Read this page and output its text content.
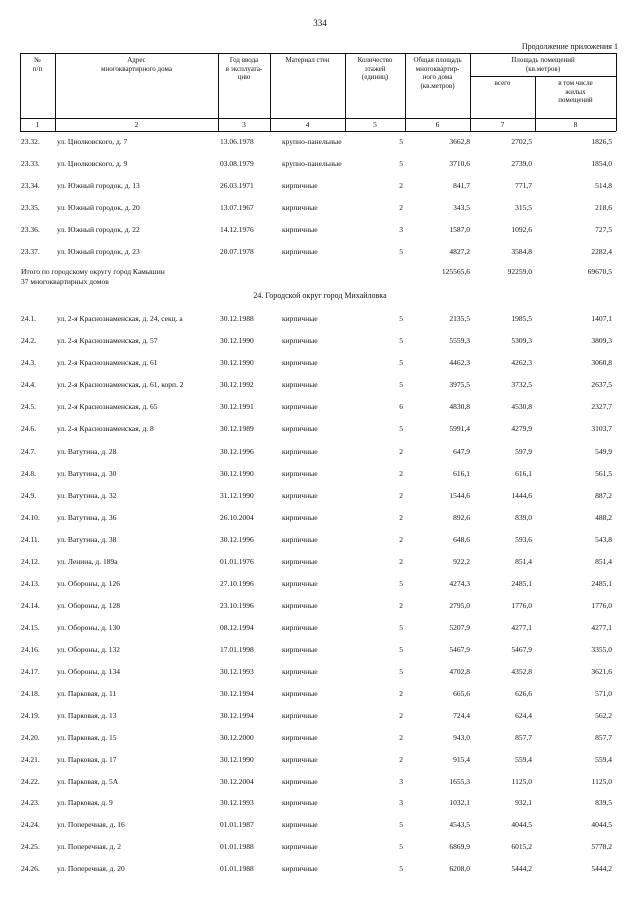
334
Продолжение приложения 1
№
п/п
Адрес
многоквартирного дома
Год ввода
в эксплуата-
цию
Материал стен	Количество
этажей
(единиц)
Общая площадь
многоквартир-
ного дома
(кв.метров)
Площадь помещений
(кв.метров)
всего	в том числе
жилых
помещений
1	2	3	4	5	6	7	8
23.32. ул. Циолковского, д. 7	13.06.1978	крупно-панельные	5	3662,8	2702,5	1826,5
23.33. ул. Циолковского, д. 9	03.08.1979	крупно-панельные	5	3710,6	2739,0	1854,0
23.34. ул. Южный городок, д. 13	26.03.1971	кирпичные	2	841,7	771,7	514,8
23.35. ул. Южный городок, д. 20	13.07.1967	кирпичные	2	343,5	315,5	218,6
23.36. ул. Южный городок, д. 22	14.12.1976	кирпичные	3	1587,0	1092,6	727,5
23.37. ул. Южный городок, д. 23	20.07.1978	кирпичные	5	4827,2	3584,8	2282,4
Итого по городскому округу город Камышин
37 многоквартирных домов
125565,6	92259,0	69670,5
24. Городской округ город Михайловка
24.1.	ул. 2-я Краснознаменская, д. 24, секц. а	30.12.1988	кирпичные	5	2135,5	1985,5	1407,1
24.2.	ул. 2-я Краснознаменская, д. 57	30.12.1990	кирпичные	5	5559,3	5309,3	3809,3
24.3.	ул. 2-я Краснознаменская, д. 61	30.12.1990	кирпичные	5	4462,3	4262,3	3060,8
24.4.	ул. 2-я Краснознаменская, д. 61, корп. 2	30.12.1992	кирпичные	5	3975,5	3732,5	2637,5
24.5.	ул. 2-я Краснознаменская, д. 65	30.12.1991	кирпичные	6	4830,8	4530,8	2327,7
24.6.	ул. 2-я Краснознаменская, д. 8	30.12.1989	кирпичные	5	5991,4	4279,9	3103,7
24.7.	ул. Ватутина, д. 28	30.12.1996	кирпичные	2	647,9	597,9	549,9
24.8.	ул. Ватутина, д. 30	30.12.1990	кирпичные	2	616,1	616,1	561,5
24.9.	ул. Ватутина, д. 32	31.12.1990	кирпичные	2	1544,6	1444,6	887,2
24.10. ул. Ватутина, д. 36	26.10.2004	кирпичные	2	892,6	839,0	488,2
24.11. ул. Ватутина, д. 38	30.12.1996	кирпичные	2	648,6	593,6	543,8
24.12. ул. Ленина, д. 189а	01.01.1976	кирпичные	2	922,2	851,4	851,4
24.13. ул. Обороны, д. 126	27.10.1996	кирпичные	5	4274,3	2485,1	2485,1
24.14. ул. Обороны, д. 128	23.10.1996	кирпичные	2	2795,0	1776,0	1776,0
24.15. ул. Обороны, д. 130	08.12.1994	кирпичные	5	5207,9	4277,1	4277,1
24.16. ул. Обороны, д. 132	17.01.1998	кирпичные	5	5467,9	5467,9	3355,0
24.17. ул. Обороны, д. 134	30.12.1993	кирпичные	5	4702,8	4352,8	3621,6
24.18. ул. Парковая, д. 11	30.12.1994	кирпичные	2	665,6	626,6	571,0
24.19. ул. Парковая, д. 13	30.12.1994	кирпичные	2	724,4	624,4	562,2
24.20. ул. Парковая, д. 15	30.12.2000	кирпичные	2	943,0	857,7	857,7
24.21. ул. Парковая, д. 17	30.12.1990	кирпичные	2	915,4	559,4	559,4
24.22. ул. Парковая, д. 5А	30.12.2004	кирпичные	3	1655,3	1125,0	1125,0
24.23. ул. Парковая, д. 9	30.12.1993	кирпичные	3	1032,1	932,1	839,5
24.24. ул. Поперечная, д. 16	01.01.1987	кирпичные	5	4543,5	4044,5	4044,5
24.25. ул. Поперечная, д. 2	01.01.1988	кирпичные	5	6869,9	6015,2	5778,2
24.26. ул. Поперечная, д. 20	01.01.1988	кирпичные	5	6208,0	5444,2	5444,2
